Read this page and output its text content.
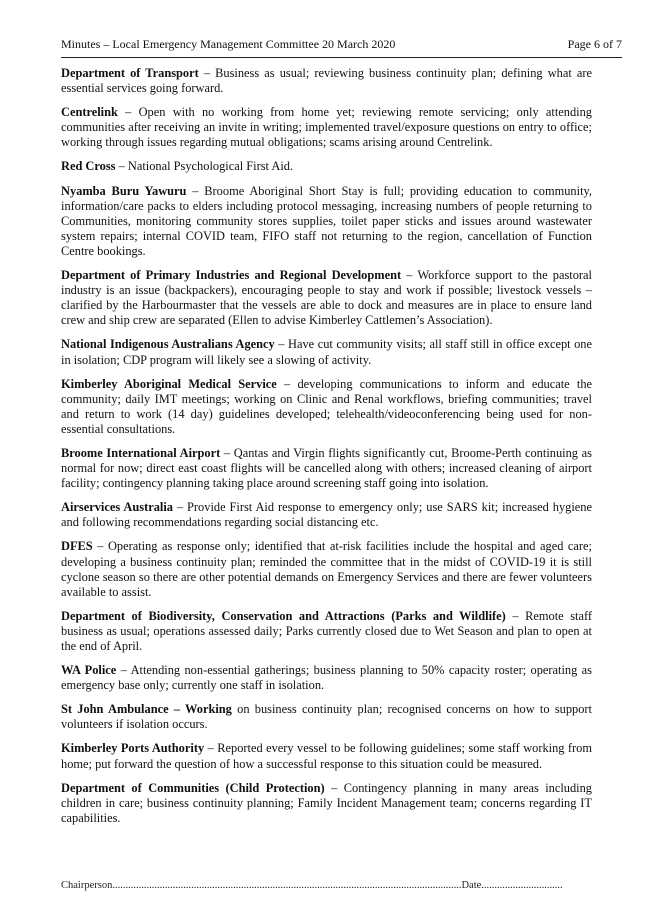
Minutes – Local Emergency Management Committee 20 March 2020	Page 6 of 7

Department of Transport – Business as usual; reviewing business continuity plan; defining what are essential services going forward.

Centrelink – Open with no working from home yet; reviewing remote servicing; only attending communities after receiving an invite in writing; implemented travel/exposure questions on entry to office; working through issues regarding mutual obligations; scams arising around Centrelink.

Red Cross – National Psychological First Aid.

Nyamba Buru Yawuru – Broome Aboriginal Short Stay is full; providing education to community, information/care packs to elders including protocol messaging, increasing numbers of people returning to Communities, monitoring community stores supplies, toilet paper sticks and issues around wastewater system repairs; internal COVID team, FIFO staff not returning to the region, cancellation of Function Centre bookings.

Department of Primary Industries and Regional Development – Workforce support to the pastoral industry is an issue (backpackers), encouraging people to stay and work if possible; livestock vessels – clarified by the Harbourmaster that the vessels are able to dock and measures are in place to ensure land crew and ship crew are separated (Ellen to advise Kimberley Cattlemen’s Association).

National Indigenous Australians Agency – Have cut community visits; all staff still in office except one in isolation; CDP program will likely see a slowing of activity.

Kimberley Aboriginal Medical Service – developing communications to inform and educate the community; daily IMT meetings; working on Clinic and Renal workflows, briefing communities; travel and return to work (14 day) guidelines developed; telehealth/videoconferencing being used for non-essential consultations.

Broome International Airport – Qantas and Virgin flights significantly cut, Broome-Perth continuing as normal for now; direct east coast flights will be cancelled along with others; increased cleaning of airport facility; contingency planning taking place around screening staff going into isolation.

Airservices Australia – Provide First Aid response to emergency only; use SARS kit; increased hygiene and following recommendations regarding social distancing etc.

DFES – Operating as response only; identified that at-risk facilities include the hospital and aged care; developing a business continuity plan; reminded the committee that in the midst of COVID-19 it is still cyclone season so there are other potential demands on Emergency Services and there are fewer volunteers available to assist.

Department of Biodiversity, Conservation and Attractions (Parks and Wildlife) – Remote staff business as usual; operations assessed daily; Parks currently closed due to Wet Season and plan to open at the end of April.

WA Police – Attending non-essential gatherings; business planning to 50% capacity roster; operating as emergency base only; currently one staff in isolation.

St John Ambulance – Working on business continuity plan; recognised concerns on how to support volunteers if isolation occurs.

Kimberley Ports Authority – Reported every vessel to be following guidelines; some staff working from home; put forward the question of how a successful response to this situation could be measured.

Department of Communities (Child Protection) – Contingency planning in many areas including children in care; business continuity planning; Family Incident Management team; concerns regarding IT capabilities.

Chairperson.....................................................................................................................................Date...............................
